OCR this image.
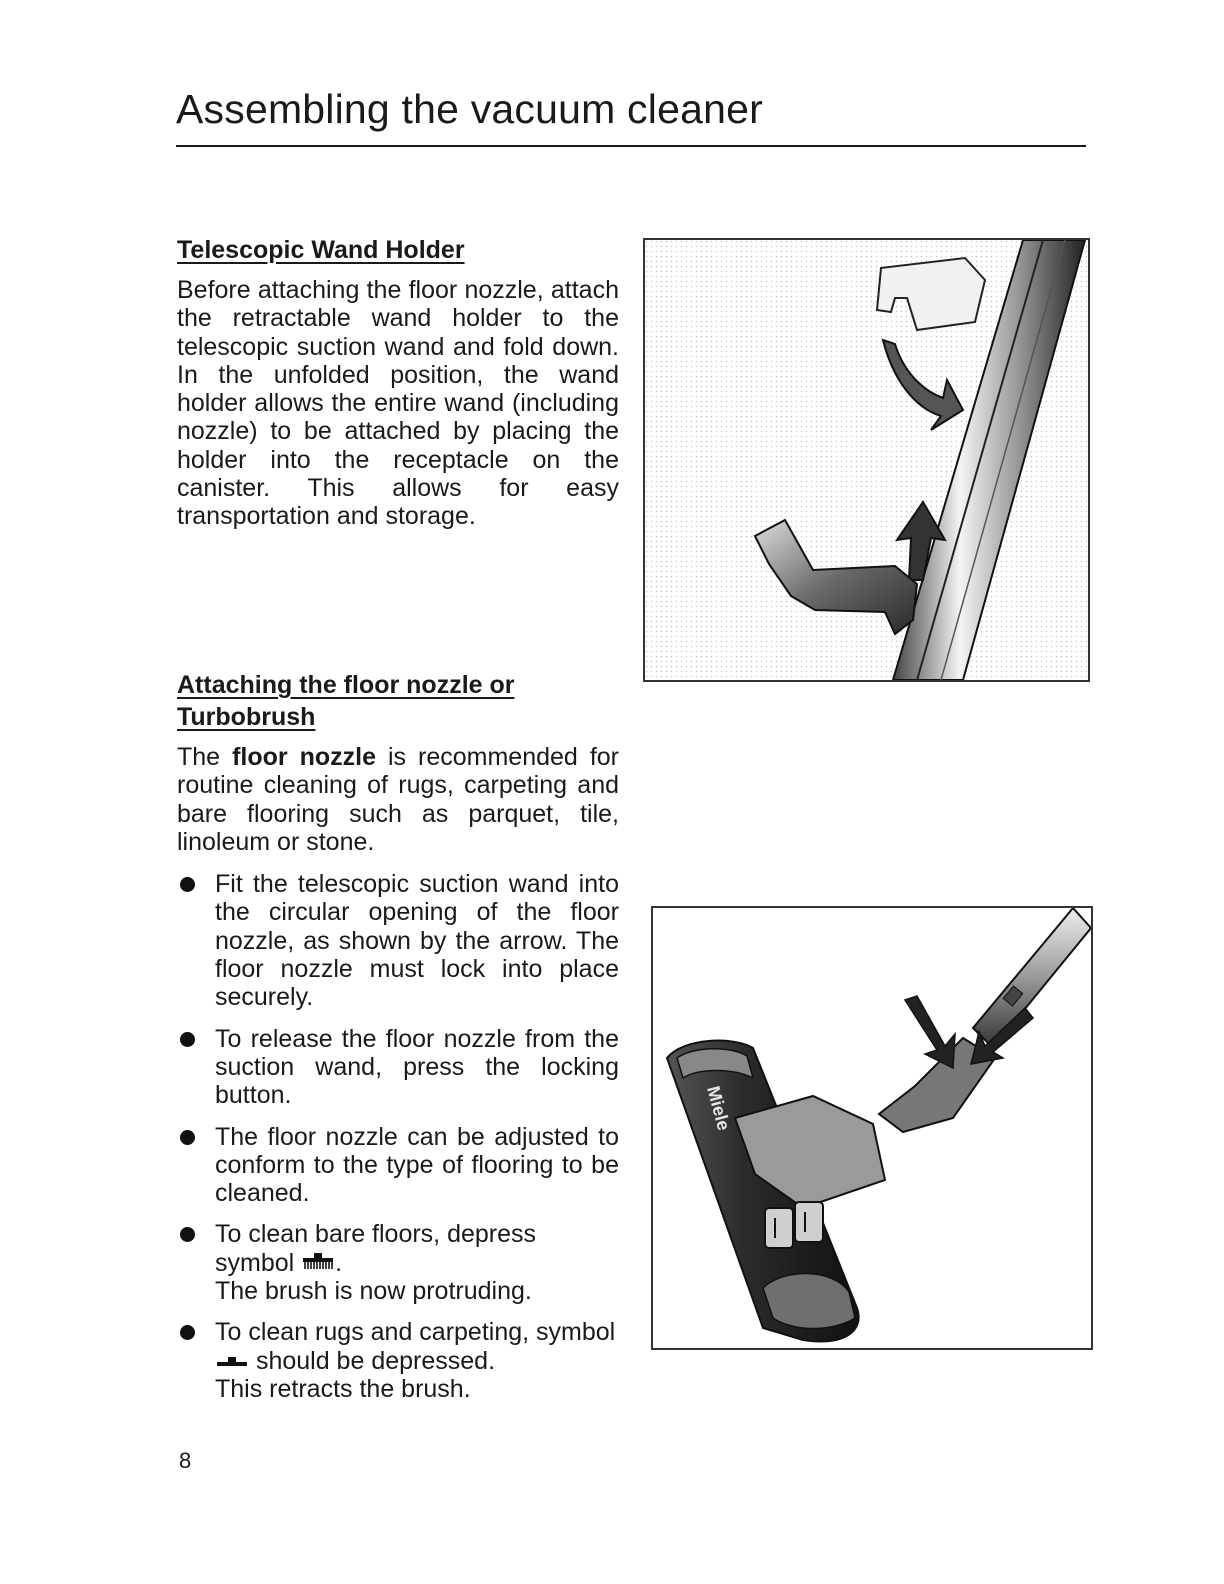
Assembling the vacuum cleaner
Telescopic Wand Holder

Before attaching the floor nozzle, attach the retractable wand holder to the telescopic suction wand and fold down. In the unfolded position, the wand holder allows the entire wand (including nozzle) to be attached by placing the holder into the receptacle on the canister. This allows for easy transportation and storage.

Attaching the floor nozzle or Turbobrush

The floor nozzle is recommended for routine cleaning of rugs, carpeting and bare flooring such as parquet, tile, linoleum or stone.

Fit the telescopic suction wand into the circular opening of the floor nozzle, as shown by the arrow. The floor nozzle must lock into place securely.

To release the floor nozzle from the suction wand, press the locking button.

The floor nozzle can be adjusted to conform to the type of flooring to be cleaned.

To clean bare floors, depress symbol .
The brush is now protruding.

To clean rugs and carpeting, symbol  should be depressed.
This retracts the brush.

Miele
8
